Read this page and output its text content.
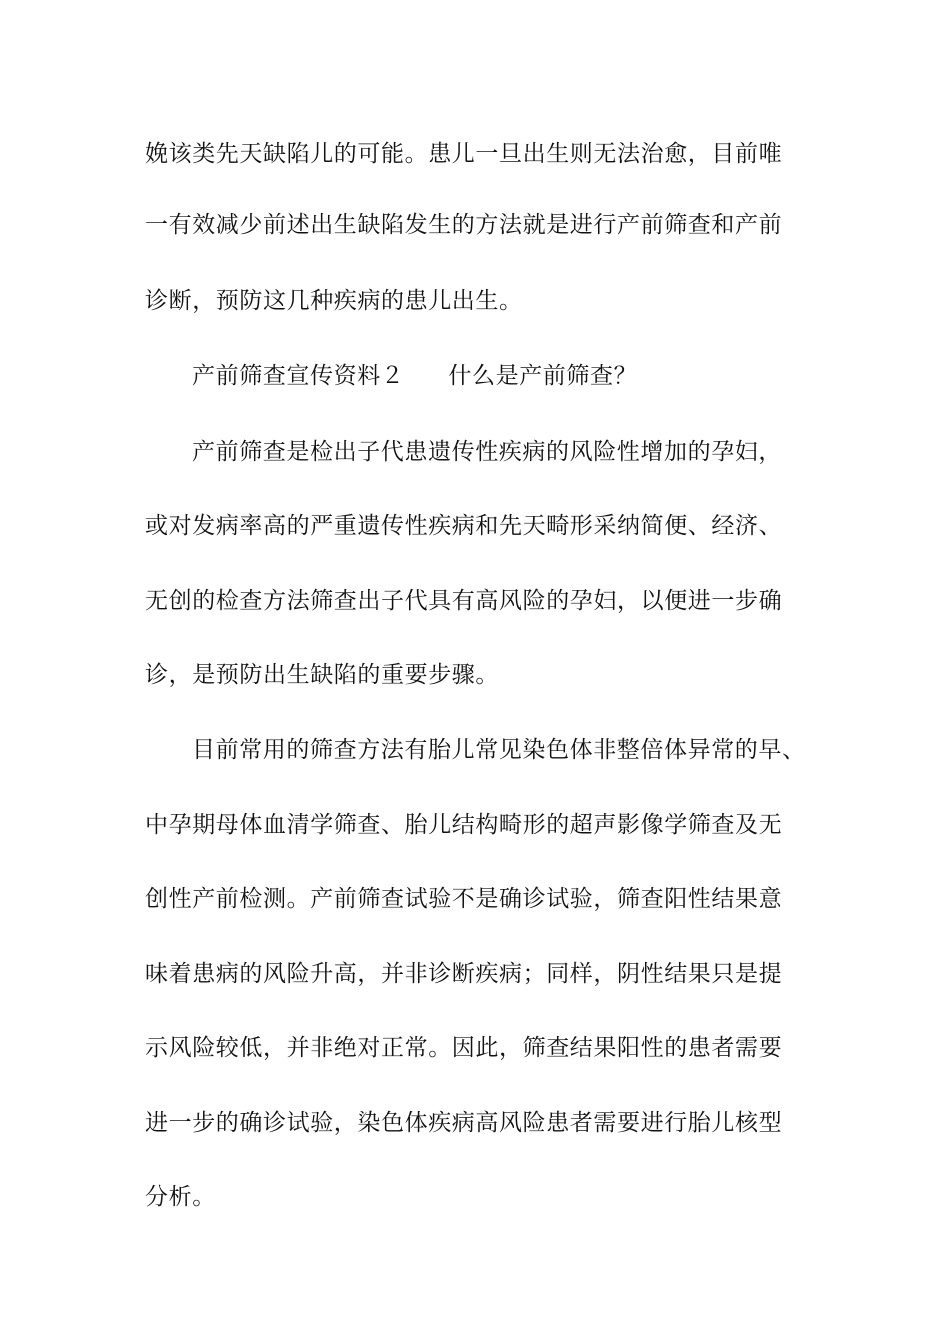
娩该类先天缺陷儿的可能。患儿一旦出生则无法治愈，目前唯
一有效减少前述出生缺陷发生的方法就是进行产前筛查和产前
诊断，预防这几种疾病的患儿出生。
产前筛查宣传资料２ 什么是产前筛查？
产前筛查是检出子代患遗传性疾病的风险性增加的孕妇，
或对发病率高的严重遗传性疾病和先天畸形采纳简便、经济、
无创的检查方法筛查出子代具有高风险的孕妇，以便进一步确
诊，是预防出生缺陷的重要步骤。
目前常用的筛查方法有胎儿常见染色体非整倍体异常的早、
中孕期母体血清学筛查、胎儿结构畸形的超声影像学筛查及无
创性产前检测。产前筛查试验不是确诊试验，筛查阳性结果意
味着患病的风险升高，并非诊断疾病；同样，阴性结果只是提
示风险较低，并非绝对正常。因此，筛查结果阳性的患者需要
进一步的确诊试验，染色体疾病高风险患者需要进行胎儿核型
分析。
